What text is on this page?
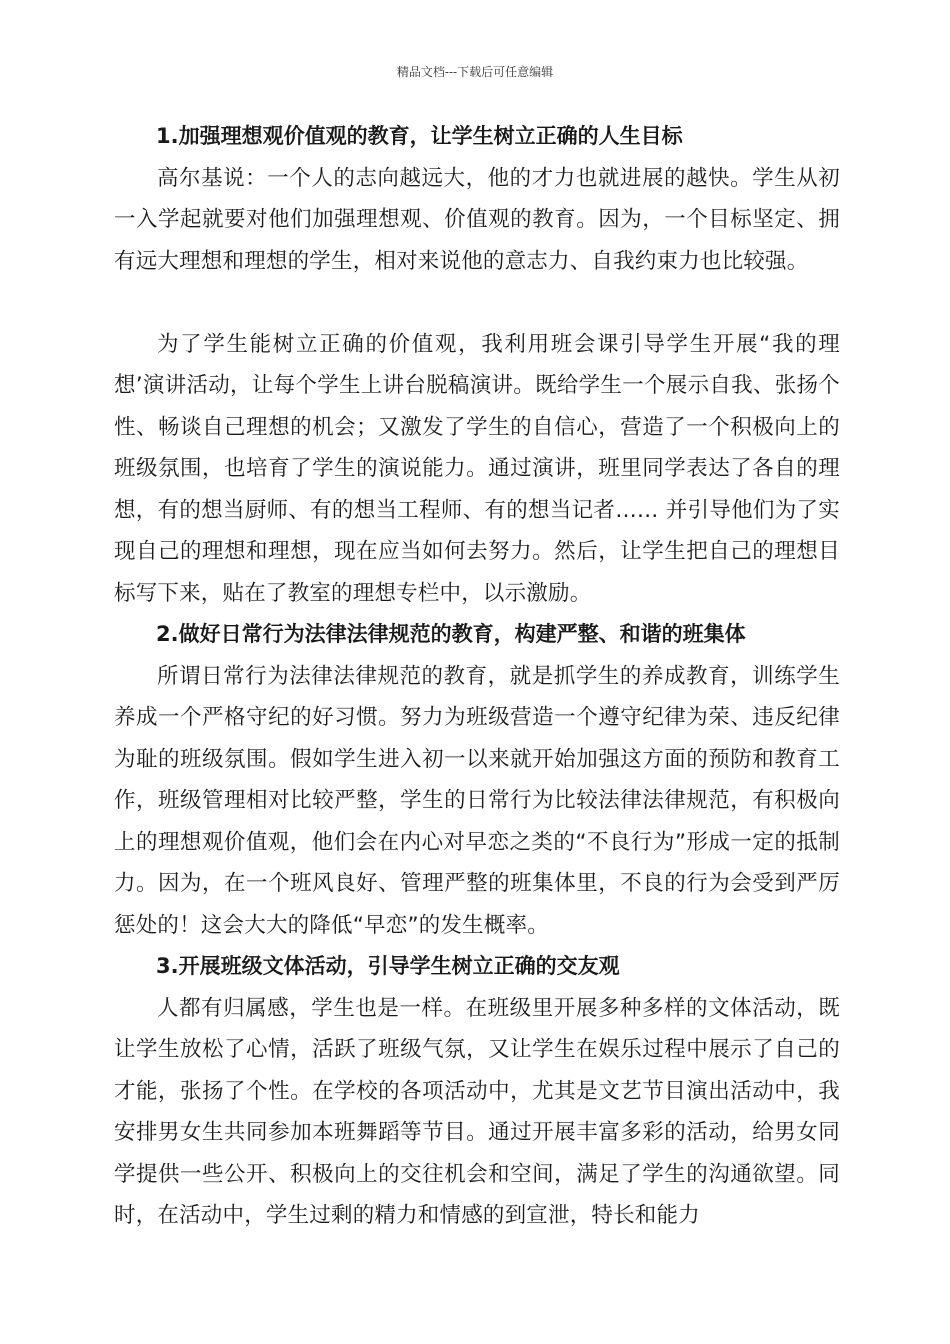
精品文档---下载后可任意编辑
1.加强理想观价值观的教育，让学生树立正确的人生目标

高尔基说：一个人的志向越远大，他的才力也就进展的越快。学生从初一入学起就要对他们加强理想观、价值观的教育。因为，一个目标坚定、拥有远大理想和理想的学生，相对来说他的意志力、自我约束力也比较强。

为了学生能树立正确的价值观，我利用班会课引导学生开展“我的理想’演讲活动，让每个学生上讲台脱稿演讲。既给学生一个展示自我、张扬个性、畅谈自己理想的机会；又激发了学生的自信心，营造了一个积极向上的班级氛围，也培育了学生的演说能力。通过演讲，班里同学表达了各自的理想，有的想当厨师、有的想当工程师、有的想当记者…… 并引导他们为了实现自己的理想和理想，现在应当如何去努力。然后，让学生把自己的理想目标写下来，贴在了教室的理想专栏中，以示激励。

2.做好日常行为法律法律规范的教育，构建严整、和谐的班集体

所谓日常行为法律法律规范的教育，就是抓学生的养成教育，训练学生养成一个严格守纪的好习惯。努力为班级营造一个遵守纪律为荣、违反纪律为耻的班级氛围。假如学生进入初一以来就开始加强这方面的预防和教育工作，班级管理相对比较严整，学生的日常行为比较法律法律规范，有积极向上的理想观价值观，他们会在内心对早恋之类的“不良行为”形成一定的抵制力。因为，在一个班风良好、管理严整的班集体里，不良的行为会受到严厉惩处的！这会大大的降低“早恋”的发生概率。

3.开展班级文体活动，引导学生树立正确的交友观

人都有归属感，学生也是一样。在班级里开展多种多样的文体活动，既让学生放松了心情，活跃了班级气氛，又让学生在娱乐过程中展示了自己的才能，张扬了个性。在学校的各项活动中，尤其是文艺节目演出活动中，我安排男女生共同参加本班舞蹈等节目。通过开展丰富多彩的活动，给男女同学提供一些公开、积极向上的交往机会和空间，满足了学生的沟通欲望。同时，在活动中，学生过剩的精力和情感的到宣泄，特长和能力
